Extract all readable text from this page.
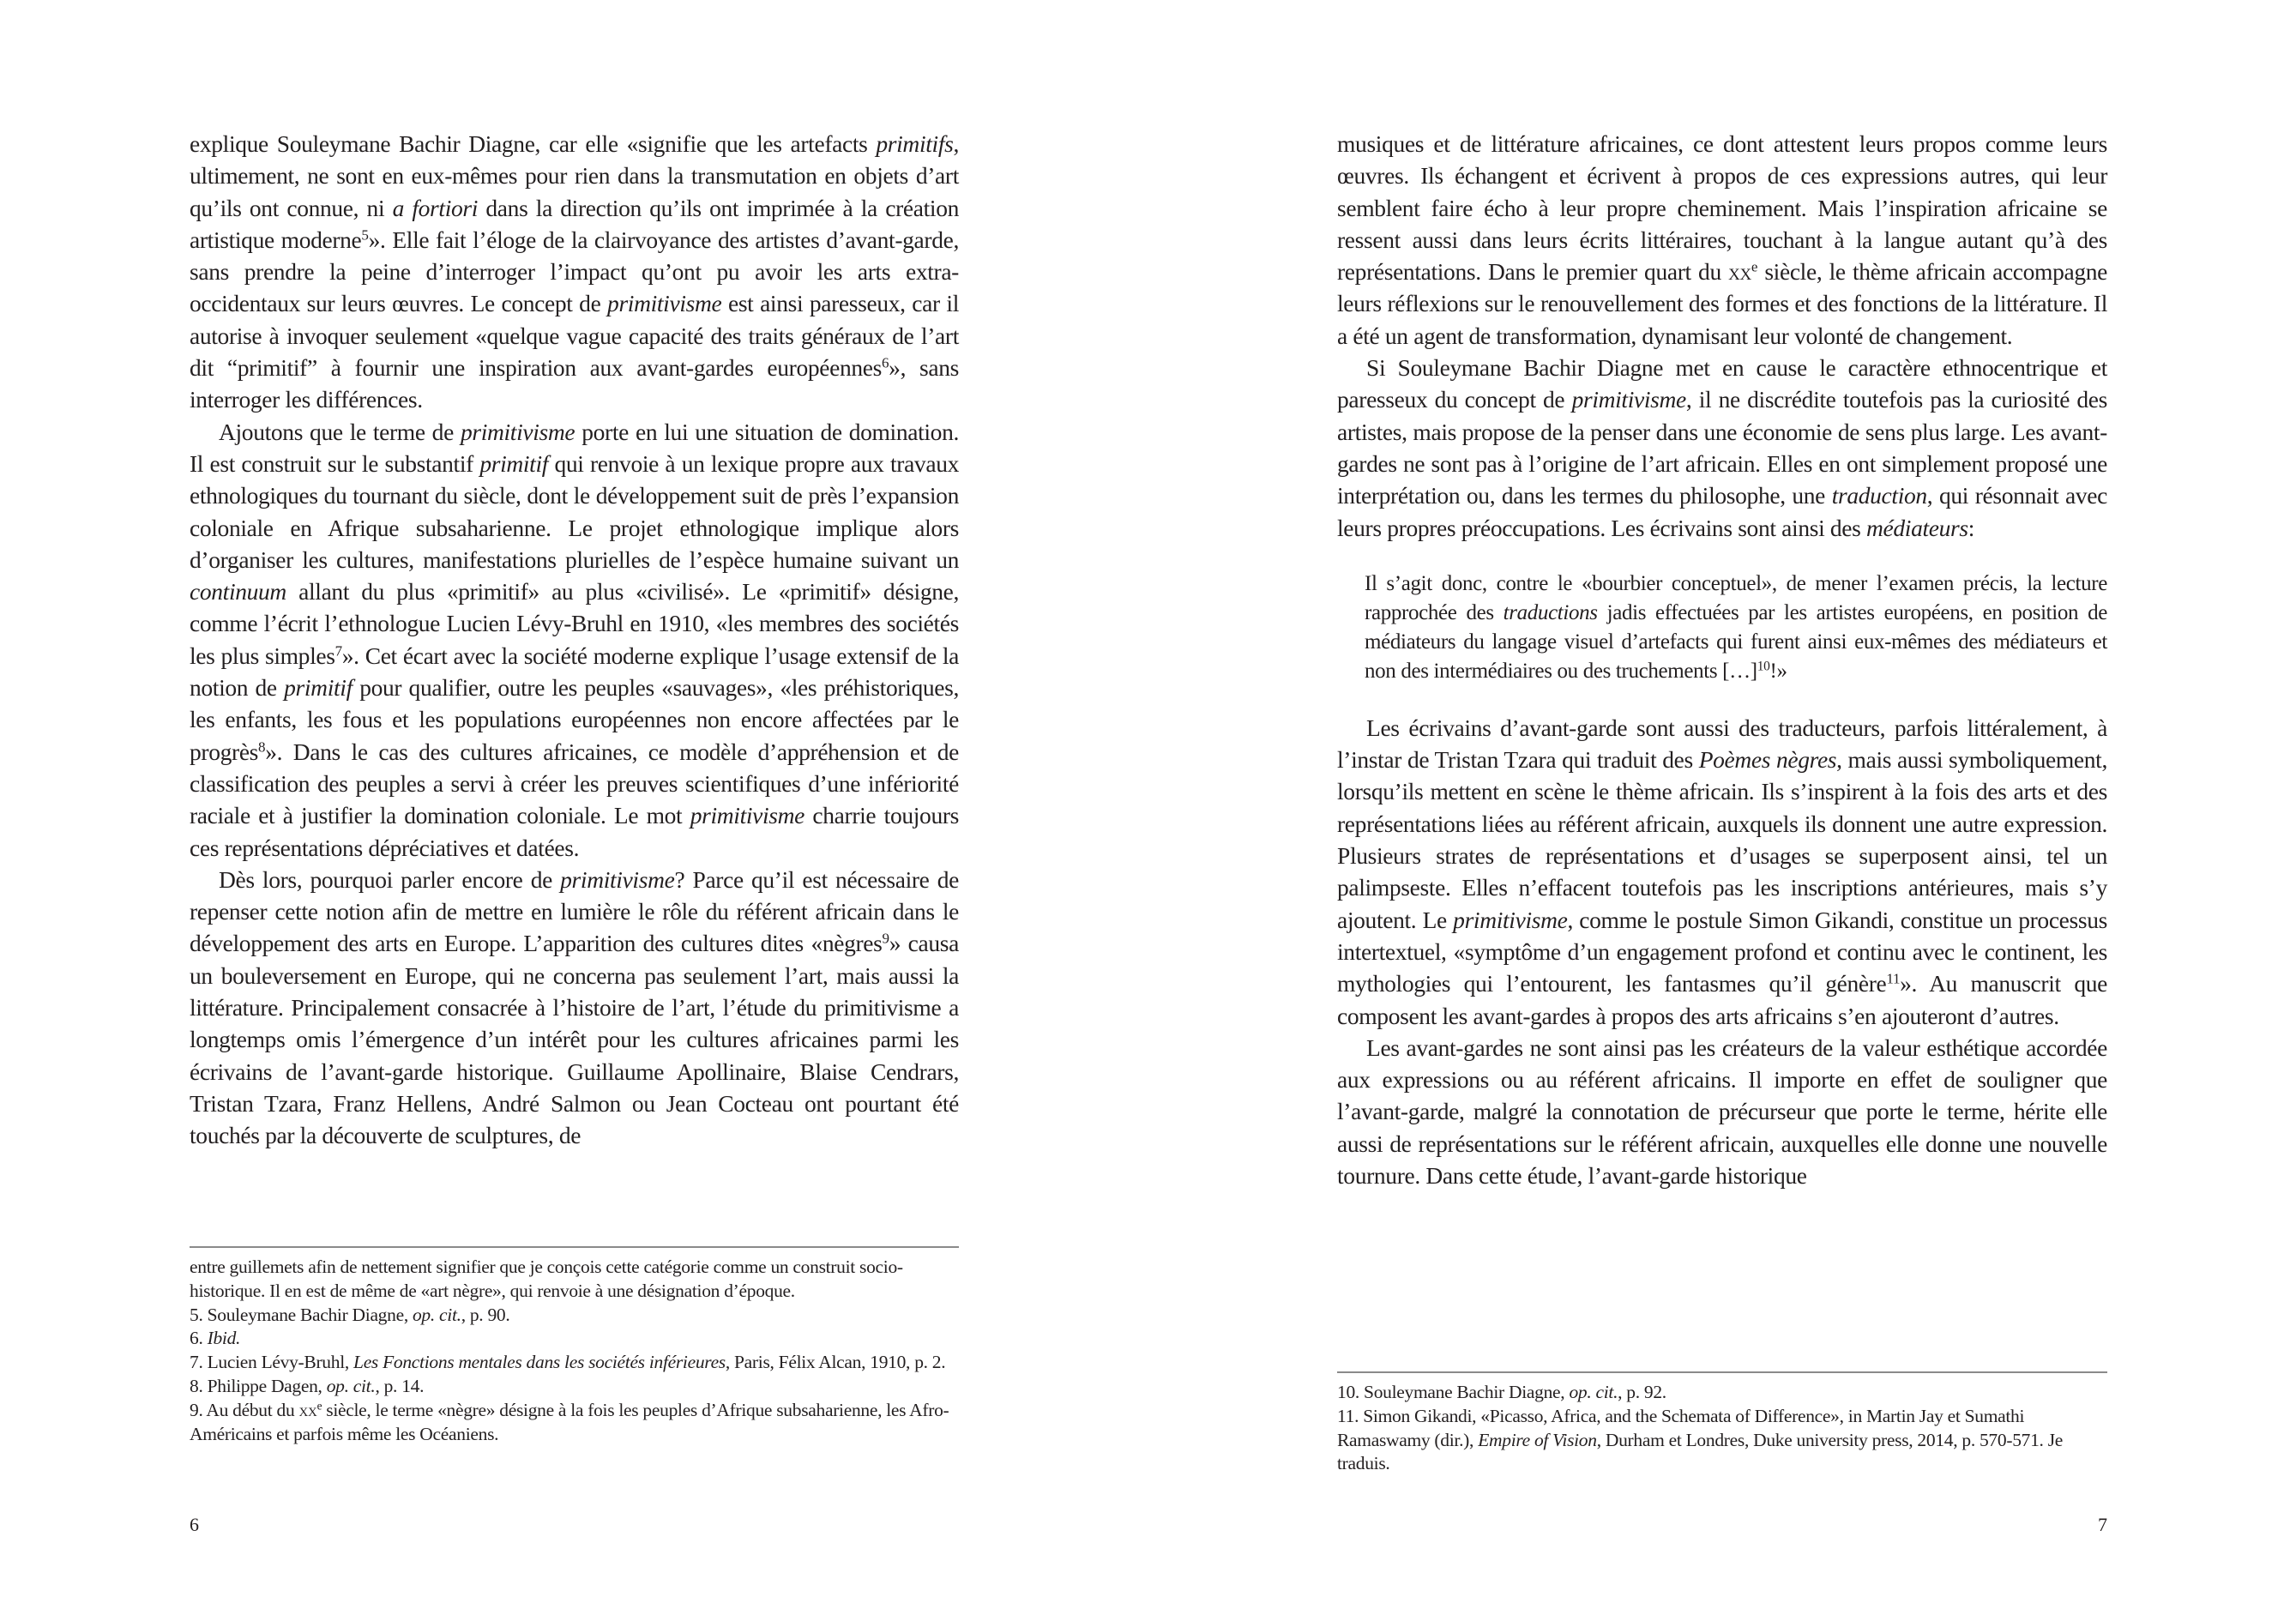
explique Souleymane Bachir Diagne, car elle «signifie que les artefacts primitifs, ultimement, ne sont en eux-mêmes pour rien dans la transmutation en objets d’art qu’ils ont connue, ni a fortiori dans la direction qu’ils ont imprimée à la création artistique moderne$^5$». Elle fait l’éloge de la clairvoyance des artistes d’avant-garde, sans prendre la peine d’interroger l’impact qu’ont pu avoir les arts extra-occidentaux sur leurs œuvres. Le concept de primitivisme est ainsi paresseux, car il autorise à invoquer seulement «quelque vague capacité des traits généraux de l’art dit “primitif” à fournir une inspiration aux avant-gardes européennes$^6$», sans interroger les différences.

Ajoutons que le terme de primitivisme porte en lui une situation de domination. Il est construit sur le substantif primitif qui renvoie à un lexique propre aux travaux ethnologiques du tournant du siècle, dont le développement suit de près l’expansion coloniale en Afrique subsaharienne. Le projet ethnologique implique alors d’organiser les cultures, manifestations plurielles de l’espèce humaine suivant un continuum allant du plus «primitif» au plus «civilisé». Le «primitif» désigne, comme l’écrit l’ethnologue Lucien Lévy-Bruhl en 1910, «les membres des sociétés les plus simples$^7$». Cet écart avec la société moderne explique l’usage extensif de la notion de primitif pour qualifier, outre les peuples «sauvages», «les préhistoriques, les enfants, les fous et les populations européennes non encore affectées par le progrès$^8$». Dans le cas des cultures africaines, ce modèle d’appréhension et de classification des peuples a servi à créer les preuves scientifiques d’une infériorité raciale et à justifier la domination coloniale. Le mot primitivisme charrie toujours ces représentations dépréciatives et datées.

Dès lors, pourquoi parler encore de primitivisme? Parce qu’il est nécessaire de repenser cette notion afin de mettre en lumière le rôle du référent africain dans le développement des arts en Europe. L’apparition des cultures dites «nègres$^9$» causa un bouleversement en Europe, qui ne concerna pas seulement l’art, mais aussi la littérature. Principalement consacrée à l’histoire de l’art, l’étude du primitivisme a longtemps omis l’émergence d’un intérêt pour les cultures africaines parmi les écrivains de l’avant-garde historique. Guillaume Apollinaire, Blaise Cendrars, Tristan Tzara, Franz Hellens, André Salmon ou Jean Cocteau ont pourtant été touchés par la découverte de sculptures, de

entre guillemets afin de nettement signifier que je conçois cette catégorie comme un construit socio-historique. Il en est de même de «art nègre», qui renvoie à une désignation d’époque.

5. Souleymane Bachir Diagne, op. cit., p. 90.

6. Ibid.

7. Lucien Lévy-Bruhl, Les Fonctions mentales dans les sociétés inférieures, Paris, Félix Alcan, 1910, p. 2.

8. Philippe Dagen, op. cit., p. 14.

9. Au début du $xx^e$ siècle, le terme «nègre» désigne à la fois les peuples d’Afrique subsaharienne, les Afro-Américains et parfois même les Océaniens.

6

musiques et de littérature africaines, ce dont attestent leurs propos comme leurs œuvres. Ils échangent et écrivent à propos de ces expressions autres, qui leur semblent faire écho à leur propre cheminement. Mais l’inspiration africaine se ressent aussi dans leurs écrits littéraires, touchant à la langue autant qu’à des représentations. Dans le premier quart du $xx^e$ siècle, le thème africain accompagne leurs réflexions sur le renouvellement des formes et des fonctions de la littérature. Il a été un agent de transformation, dynamisant leur volonté de changement.

Si Souleymane Bachir Diagne met en cause le caractère ethnocentrique et paresseux du concept de primitivisme, il ne discrédite toutefois pas la curiosité des artistes, mais propose de la penser dans une économie de sens plus large. Les avant-gardes ne sont pas à l’origine de l’art africain. Elles en ont simplement proposé une interprétation ou, dans les termes du philosophe, une traduction, qui résonnait avec leurs propres préoccupations. Les écrivains sont ainsi des médiateurs:

Il s’agit donc, contre le «bourbier conceptuel», de mener l’examen précis, la lecture rapprochée des traductions jadis effectuées par les artistes européens, en position de médiateurs du langage visuel d’artefacts qui furent ainsi eux-mêmes des médiateurs et non des intermédiaires ou des truchements […]$^{10}$!»

Les écrivains d’avant-garde sont aussi des traducteurs, parfois littéralement, à l’instar de Tristan Tzara qui traduit des Poèmes nègres, mais aussi symboliquement, lorsqu’ils mettent en scène le thème africain. Ils s’inspirent à la fois des arts et des représentations liées au référent africain, auxquels ils donnent une autre expression. Plusieurs strates de représentations et d’usages se superposent ainsi, tel un palimpseste. Elles n’effacent toutefois pas les inscriptions antérieures, mais s’y ajoutent. Le primitivisme, comme le postule Simon Gikandi, constitue un processus intertextuel, «symptôme d’un engagement profond et continu avec le continent, les mythologies qui l’entourent, les fantasmes qu’il génère$^{11}$». Au manuscrit que composent les avant-gardes à propos des arts africains s’en ajouteront d’autres.

Les avant-gardes ne sont ainsi pas les créateurs de la valeur esthétique accordée aux expressions ou au référent africains. Il importe en effet de souligner que l’avant-garde, malgré la connotation de précurseur que porte le terme, hérite elle aussi de représentations sur le référent africain, auxquelles elle donne une nouvelle tournure. Dans cette étude, l’avant-garde historique

10. Souleymane Bachir Diagne, op. cit., p. 92.

11. Simon Gikandi, «Picasso, Africa, and the Schemata of Difference», in Martin Jay et Sumathi Ramaswamy (dir.), Empire of Vision, Durham et Londres, Duke university press, 2014, p. 570-571. Je traduis.

7
